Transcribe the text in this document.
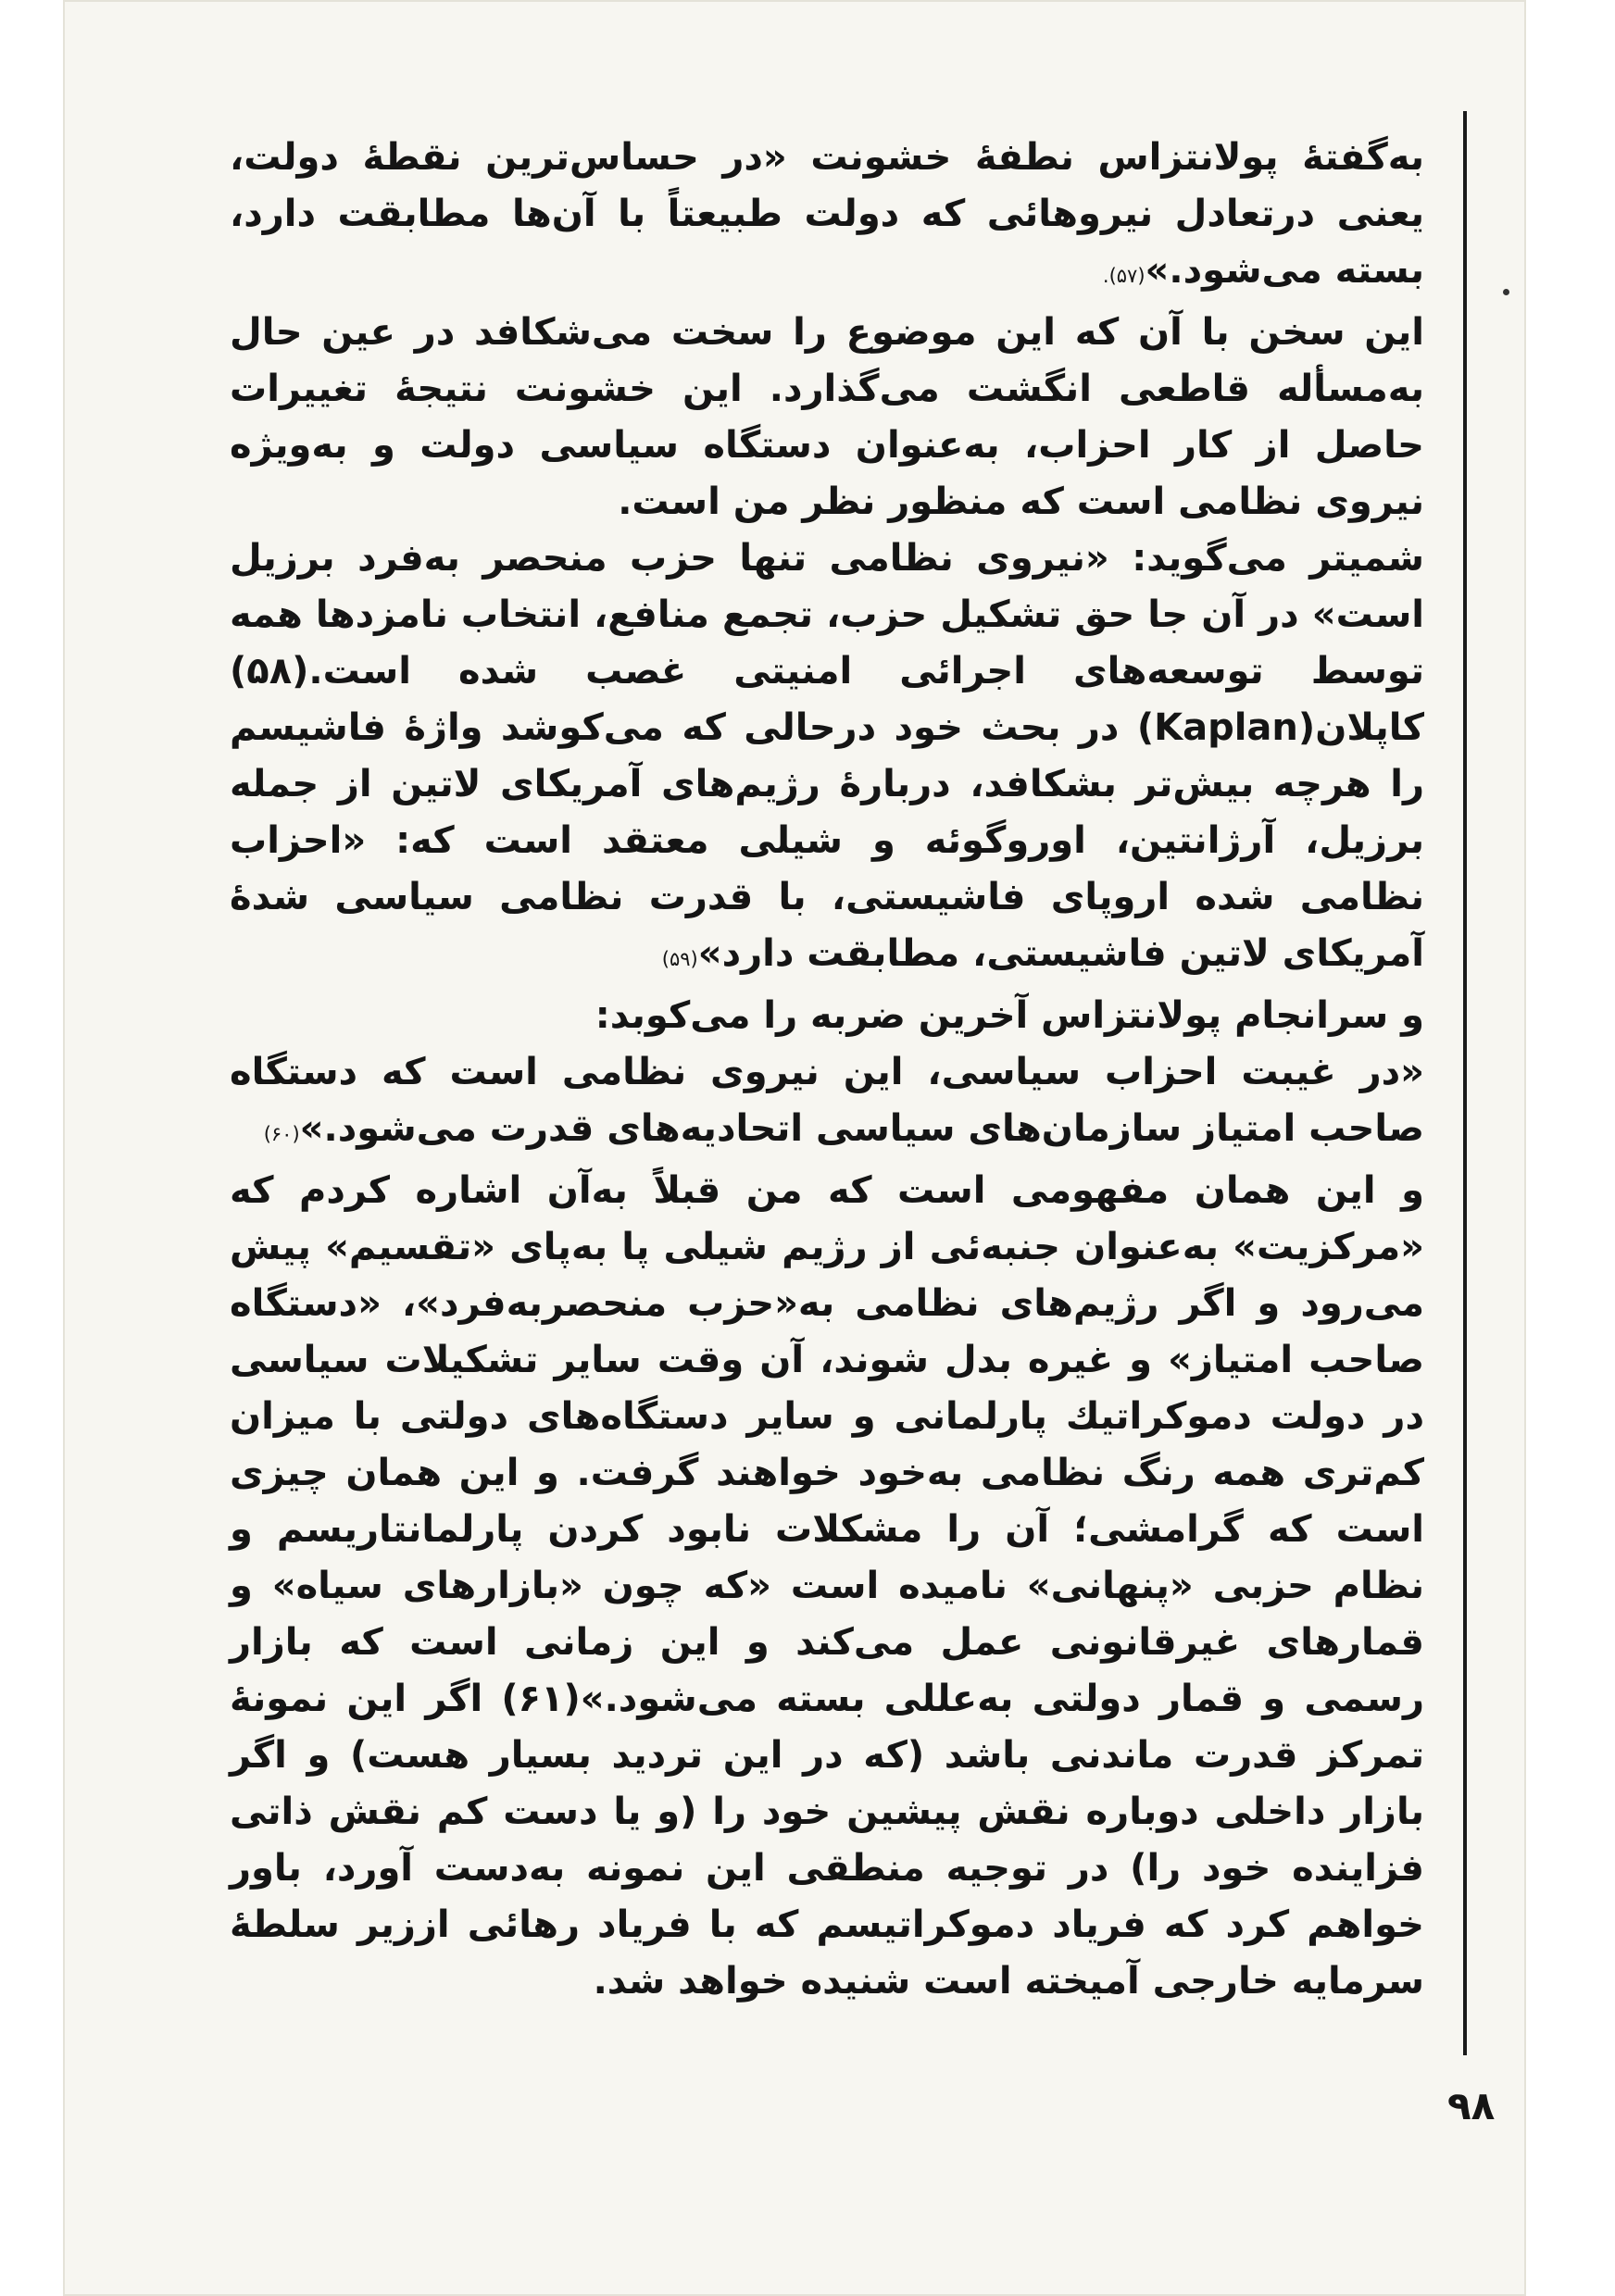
به‌گفتهٔ پولانتزاس نطفهٔ خشونت «در حساس‌ترین نقطهٔ دولت، یعنی درتعادل نیروهائی که دولت طبیعتاً با آن‌ها مطابقت دارد، بسته می‌شود.»(۵۷).

این سخن با آن که این موضوع را سخت می‌شکافد در عین حال به‌مسأله قاطعی انگشت می‌گذارد. این خشونت نتیجهٔ تغییرات حاصل از کار احزاب، به‌عنوان دستگاه سیاسی دولت و به‌ویژه نیروی نظامی است که منظور نظر من است.

شمیتر می‌گوید: «نیروی نظامی تنها حزب منحصر به‌فرد برزیل است» در آن جا حق تشکیل حزب، تجمع منافع، انتخاب نامزدها همه توسط توسعه‌های اجرائی امنیتی غصب شده است.(۵۸) کاپلان(Kaplan) در بحث خود درحالی که می‌کوشد واژهٔ فاشیسم را هرچه بیش‌تر بشکافد، دربارهٔ رژیم‌های آمریکای لاتین از جمله برزیل، آرژانتین، اوروگوئه و شیلی معتقد است که: «احزاب نظامی شده اروپای فاشیستی، با قدرت نظامی سیاسی شدهٔ آمریکای لاتین فاشیستی، مطابقت دارد»(۵۹)

و سرانجام پولانتزاس آخرین ضربه را می‌کوبد:

«در غیبت احزاب سیاسی، این نیروی نظامی است که دستگاه صاحب امتیاز سازمان‌های سیاسی اتحادیه‌های قدرت می‌شود.»(۶۰)

و این همان مفهومی است که من قبلاً به‌آن اشاره کردم که «مرکزیت» به‌عنوان جنبه‌ئی از رژیم شیلی پا به‌پای «تقسیم» پیش می‌رود و اگر رژیم‌های نظامی به«حزب منحصربه‌فرد»، «دستگاه صاحب امتیاز» و غیره بدل شوند، آن وقت سایر تشکیلات سیاسی در دولت دموکراتیك پارلمانی و سایر دستگاه‌های دولتی با میزان کم‌تری همه رنگ نظامی به‌خود خواهند گرفت. و این همان چیزی است که گرامشی؛ آن را مشکلات نابود کردن پارلمانتاریسم و نظام حزبی «پنهانی» نامیده است «که چون «بازارهای سیاه» و قمارهای غیرقانونی عمل می‌کند و این زمانی است که بازار رسمی و قمار دولتی به‌عللی بسته می‌شود.»(۶۱) اگر این نمونهٔ تمرکز قدرت ماندنی باشد (که در این تردید بسیار هست) و اگر بازار داخلی دوباره نقش پیشین خود را (و یا دست کم نقش ذاتی فزاینده خود را) در توجیه منطقی این نمونه به‌دست آورد، باور خواهم کرد که فریاد دموکراتیسم که با فریاد رهائی ازز‌یر سلطهٔ سرمایه خارجی آمیخته است شنیده خواهد شد.

۹۸
